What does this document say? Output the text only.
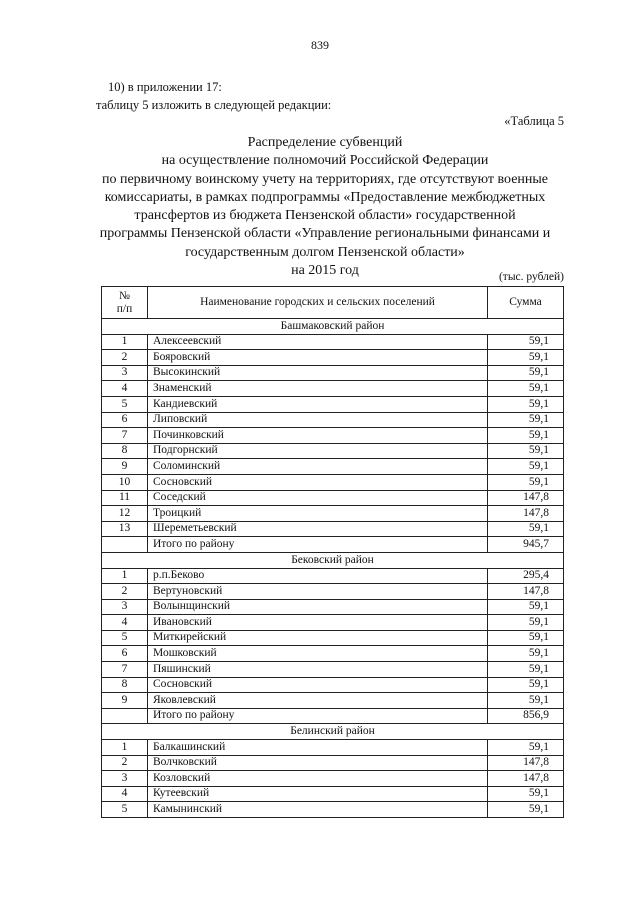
839
10) в приложении 17:
таблицу 5 изложить в следующей редакции:
«Таблица 5
Распределение субвенций
на осуществление полномочий Российской Федерации
по первичному воинскому учету на территориях, где отсутствуют военные
комиссариаты, в рамках подпрограммы «Предоставление межбюджетных
трансфертов из бюджета Пензенской области» государственной
программы Пензенской области «Управление региональными финансами и
государственным долгом Пензенской области»
на 2015 год	(тыс. рублей)
№
п/п	Наименование городских и сельских поселений	Сумма
Башмаковский район		
1	Алексеевский	59,1
2	Бояровский	59,1
3	Высокинский	59,1
4	Знаменский	59,1
5	Кандиевский	59,1
6	Липовский	59,1
7	Починковский	59,1
8	Подгорнский	59,1
9	Соломинский	59,1
10	Сосновский	59,1
11	Соседский	147,8
12	Троицкий	147,8
13	Шереметьевский	59,1
	Итого по району	945,7
Бековский район		
1	р.п.Беково	295,4
2	Вертуновский	147,8
3	Волынщинский	59,1
4	Ивановский	59,1
5	Миткирейский	59,1
6	Мошковский	59,1
7	Пяшинский	59,1
8	Сосновский	59,1
9	Яковлевский	59,1
	Итого по району	856,9
Белинский район		
1	Балкашинский	59,1
2	Волчковский	147,8
3	Козловский	147,8
4	Кутеевский	59,1
5	Камынинский	59,1
